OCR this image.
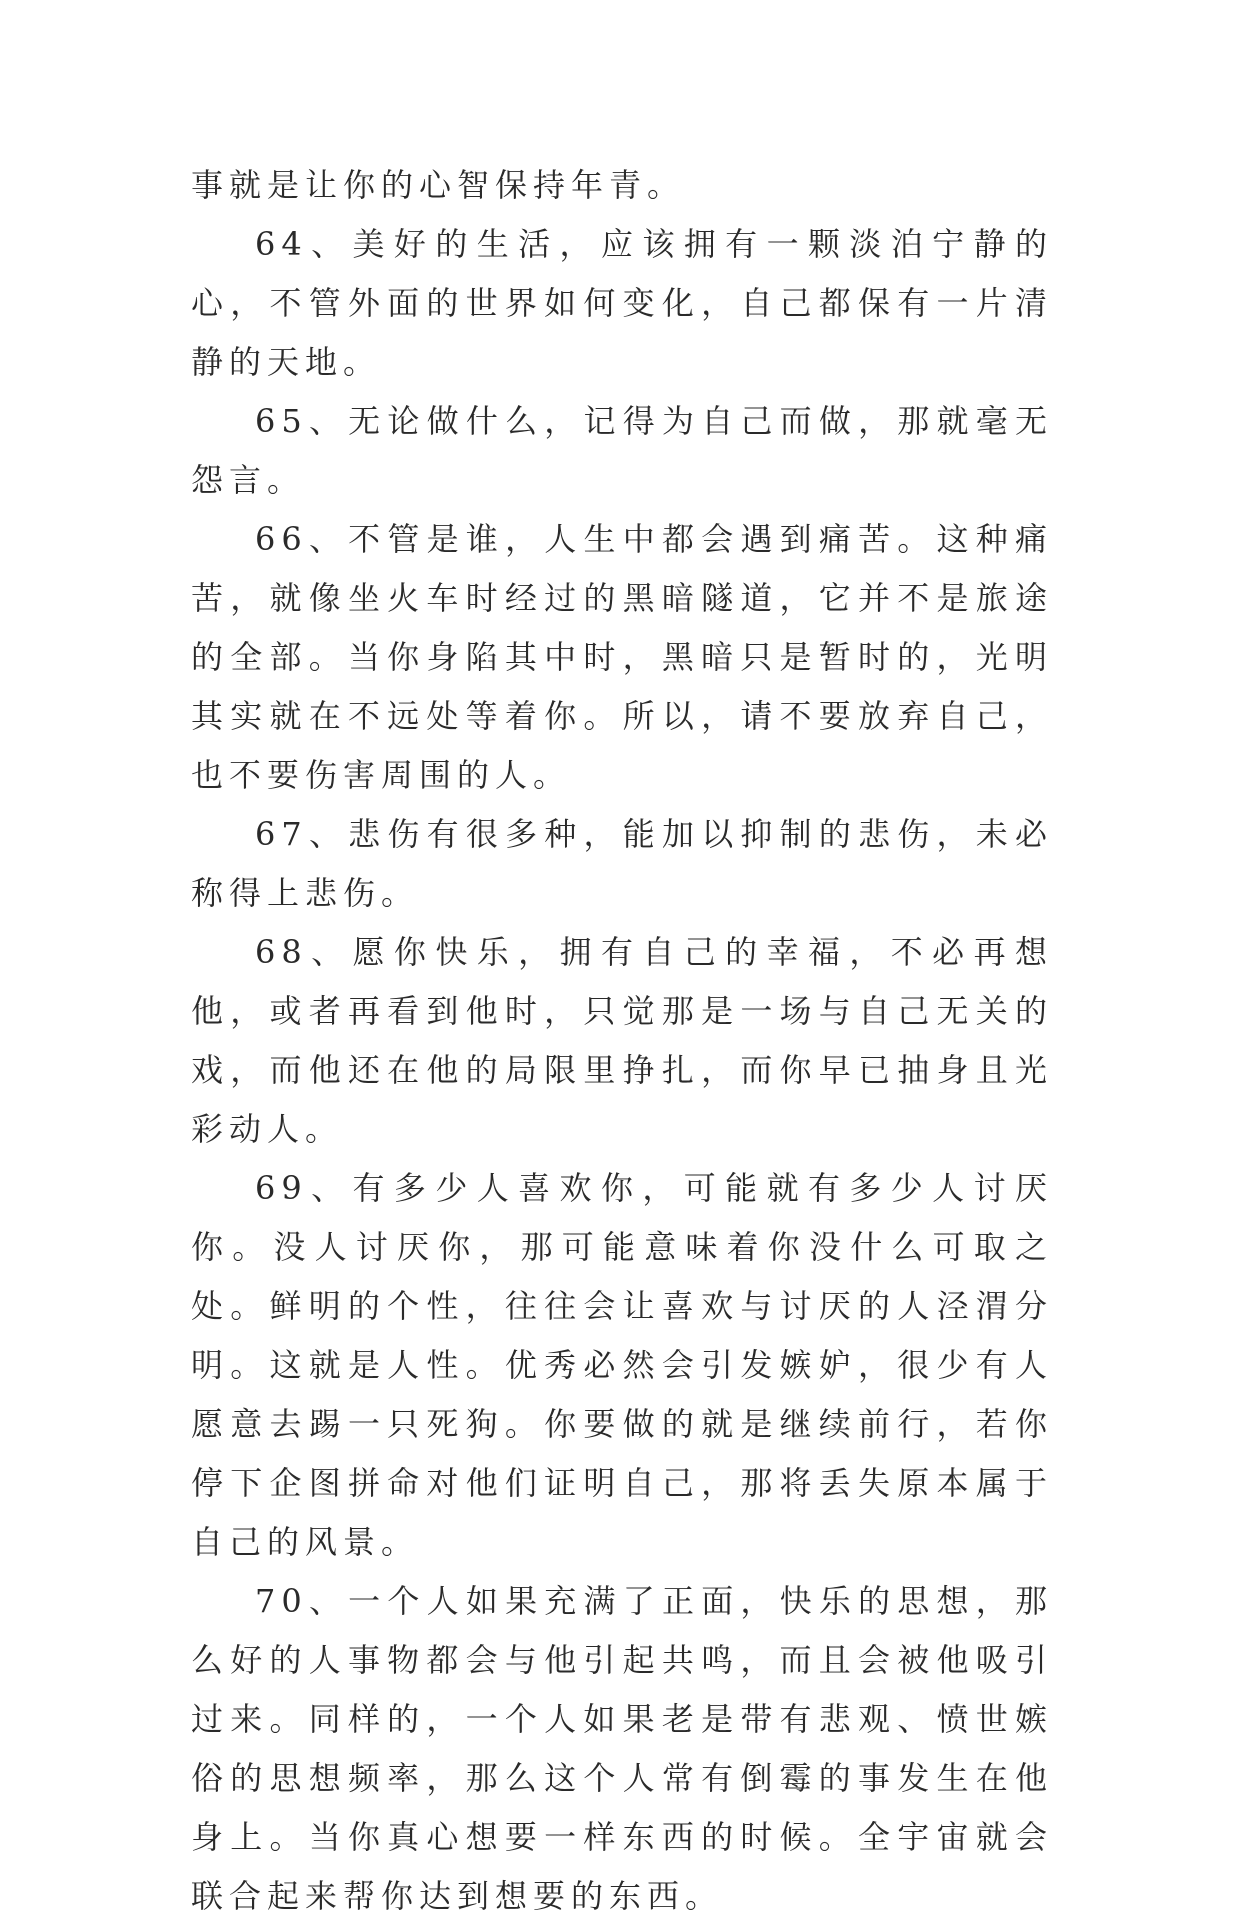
事就是让你的心智保持年青。

64、美好的生活，应该拥有一颗淡泊宁静的心，不管外面的世界如何变化，自己都保有一片清静的天地。

65、无论做什么，记得为自己而做，那就毫无怨言。

66、不管是谁，人生中都会遇到痛苦。这种痛苦，就像坐火车时经过的黑暗隧道，它并不是旅途的全部。当你身陷其中时，黑暗只是暂时的，光明其实就在不远处等着你。所以，请不要放弃自己，也不要伤害周围的人。

67、悲伤有很多种，能加以抑制的悲伤，未必称得上悲伤。

68、愿你快乐，拥有自己的幸福，不必再想他，或者再看到他时，只觉那是一场与自己无关的戏，而他还在他的局限里挣扎，而你早已抽身且光彩动人。

69、有多少人喜欢你，可能就有多少人讨厌你。没人讨厌你，那可能意味着你没什么可取之处。鲜明的个性，往往会让喜欢与讨厌的人泾渭分明。这就是人性。优秀必然会引发嫉妒，很少有人愿意去踢一只死狗。你要做的就是继续前行，若你停下企图拼命对他们证明自己，那将丢失原本属于自己的风景。

70、一个人如果充满了正面，快乐的思想，那么好的人事物都会与他引起共鸣，而且会被他吸引过来。同样的，一个人如果老是带有悲观、愤世嫉俗的思想频率，那么这个人常有倒霉的事发生在他身上。当你真心想要一样东西的时候。全宇宙就会联合起来帮你达到想要的东西。
